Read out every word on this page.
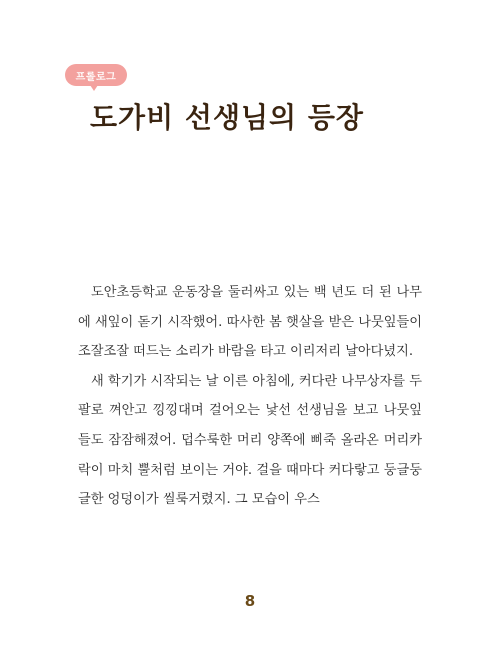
프롤로그
도가비 선생님의 등장

도안초등학교 운동장을 둘러싸고 있는 백 년도 더 된 나무에 새잎이 돋기 시작했어. 따사한 봄 햇살을 받은 나뭇잎들이 조잘조잘 떠드는 소리가 바람을 타고 이리저리 날아다녔지.

새 학기가 시작되는 날 이른 아침에, 커다란 나무상자를 두 팔로 껴안고 낑낑대며 걸어오는 낯선 선생님을 보고 나뭇잎들도 잠잠해졌어. 덥수룩한 머리 양쪽에 삐죽 올라온 머리카락이 마치 뿔처럼 보이는 거야. 걸을 때마다 커다랗고 둥글둥글한 엉덩이가 씰룩거렸지. 그 모습이 우스

8
